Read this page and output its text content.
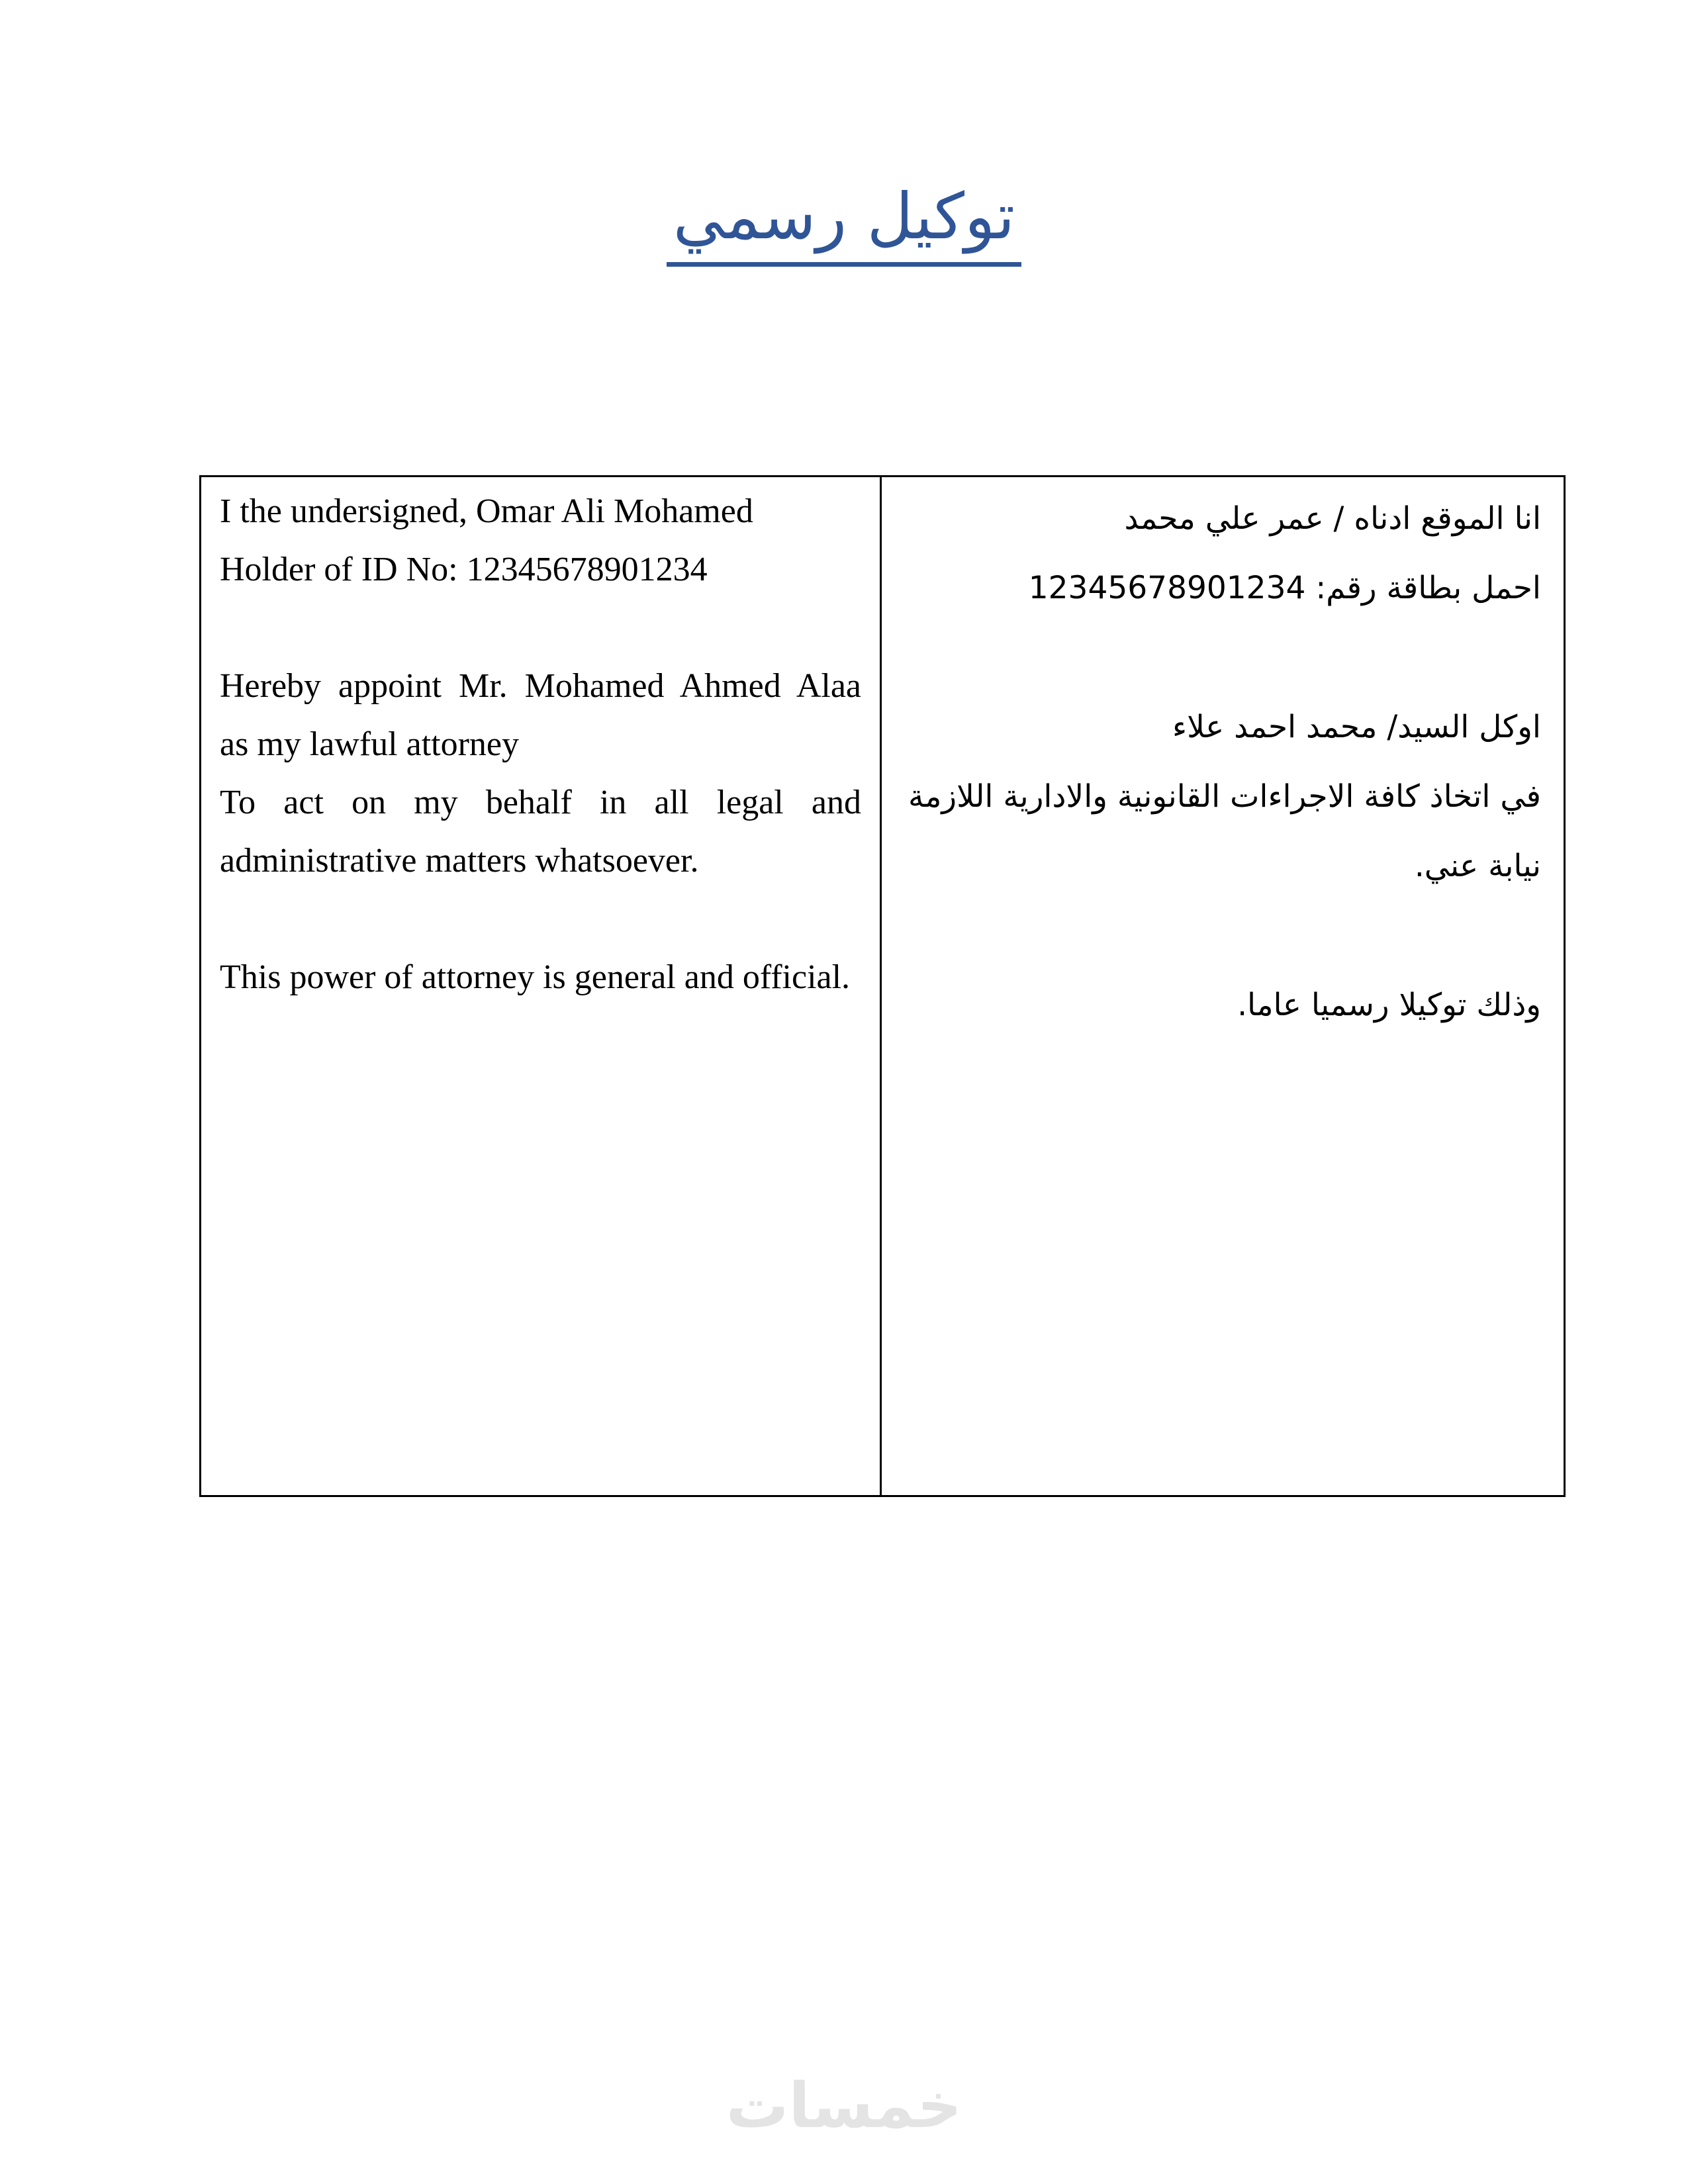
توكيل رسمي
I the undersigned, Omar Ali Mohamed
Holder of ID No: 12345678901234
Hereby appoint Mr. Mohamed Ahmed Alaa
as my lawful attorney
To act on my behalf in all legal and
administrative matters whatsoever.
This power of attorney is general and official.
انا الموقع ادناه / عمر علي محمد
احمل بطاقة رقم: 12345678901234
اوكل السيد/ محمد احمد علاء
في اتخاذ كافة الاجراءات القانونية والادارية اللازمة
نيابة عني.
وذلك توكيلا رسميا عاما.
خمسات
